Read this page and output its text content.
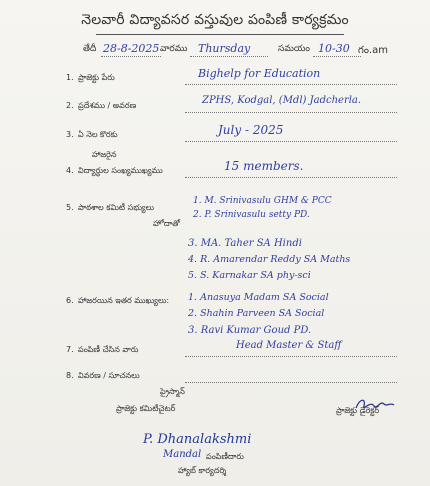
నెలవారీ విద్యావసర వస్తువుల పంపిణీ కార్యక్రమం
తేదీ 28-8-2025 వారము Thursday	సమయం 10-30 గం.am
1. ప్రాజెక్టు పేరు	Bighelp for Education
2. ప్రదేశము / అవరణ	ZPHS, Kodgal, (Mdl) Jadcherla.
3. ఏ నెల కొరకు	July - 2025
హాజరైన
4. విద్యార్థుల సంఖ్యముఖ్యము	15 members.
5. పాఠశాల కమిటీ సభ్యులు
హోదాతో
1. M. Srinivasulu GHM & PCC
2. P. Srinivasulu setty PD.
3. MA. Taher SA Hindi
4. R. Amarendar Reddy SA Maths
5. S. Karnakar SA phy-sci
6. హాజరయిన ఇతర ముఖ్యులు: 1. Anasuya Madam SA Social
2. Shahin Parveen SA Social
3. Ravi Kumar Goud PD.
7. పంపిణీ చేసిన వారు	Head Master & Staff
8. వివరణ / సూచనలు
ప్రైస్మాన్
ప్రాజెక్టు కమిటీచైటర్	ప్రాజెక్టు డైరెక్టర్
P. Dhanalakshmi
Mandal పంపిణీదారు
హ్యాబ్ కార్యదర్శి
